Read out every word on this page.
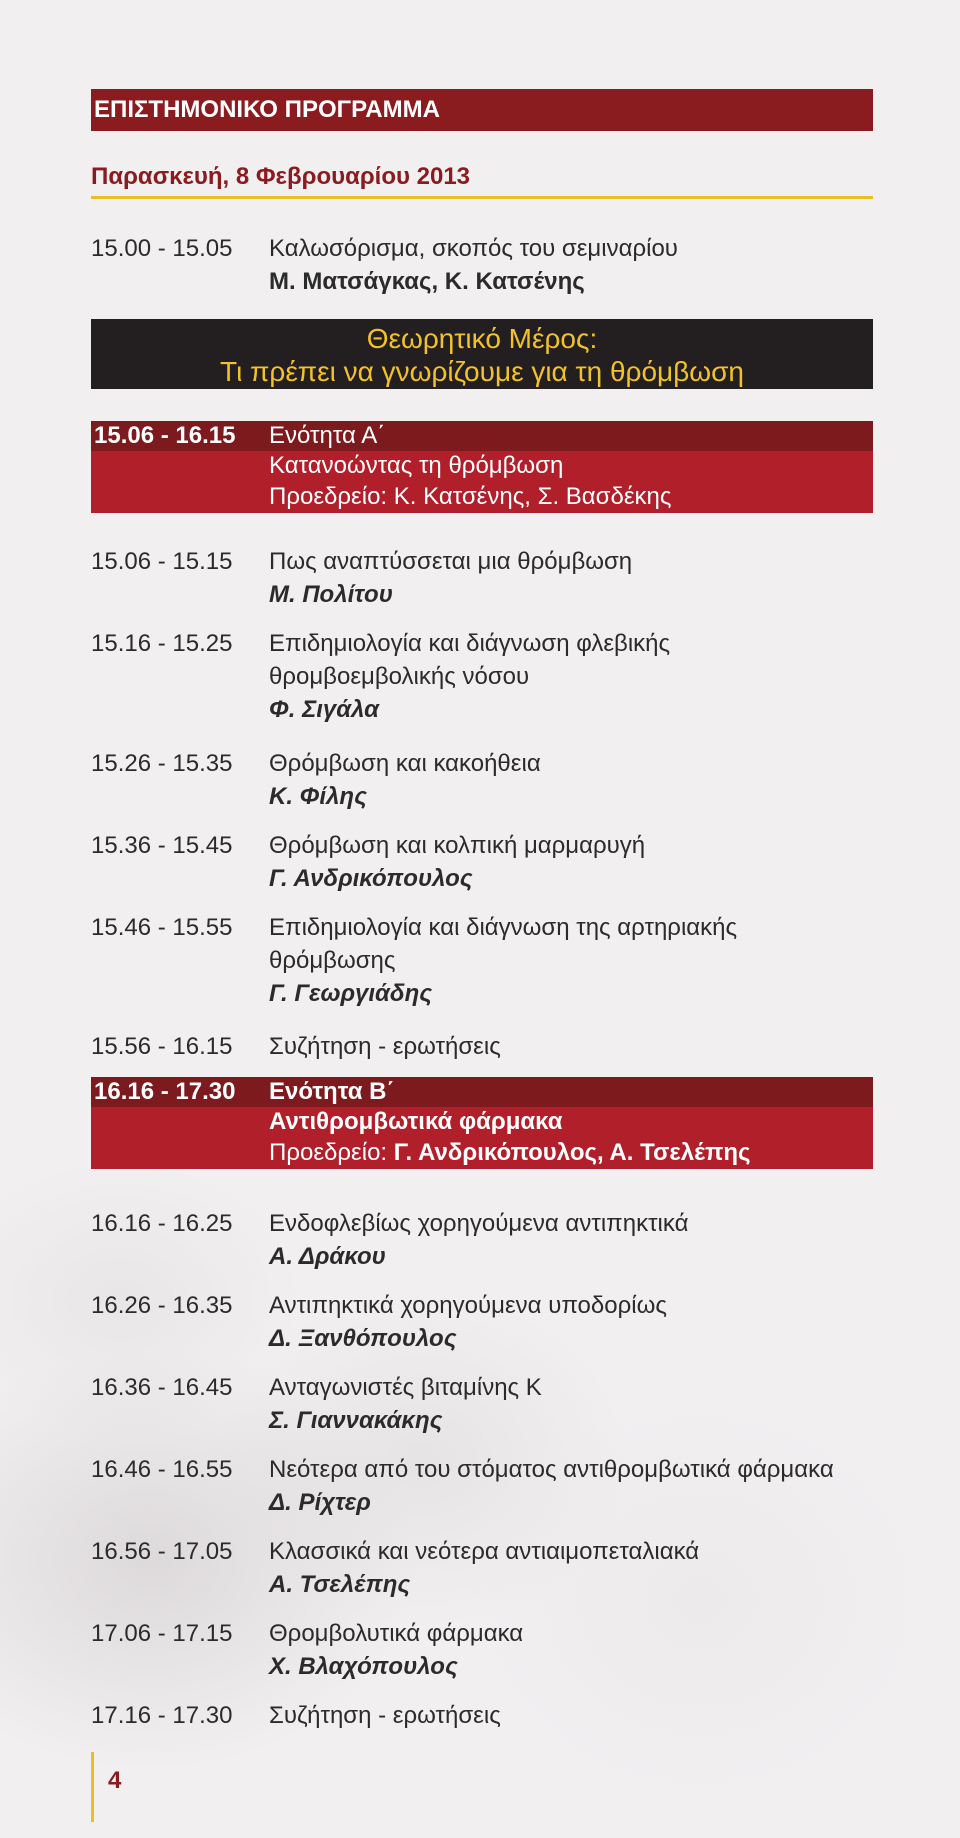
ΕΠΙΣΤΗΜΟΝΙΚΟ ΠΡΟΓΡΑΜΜΑ
Παρασκευή, 8 Φεβρουαρίου 2013
15.00 - 15.05	Καλωσόρισμα, σκοπός του σεμιναρίου
Μ. Ματσάγκας, Κ. Κατσένης
Θεωρητικό Μέρος:
Τι πρέπει να γνωρίζουμε για τη θρόμβωση
15.06 - 16.15 Ενότητα Α΄
Κατανοώντας τη θρόμβωση
Προεδρείο: Κ. Κατσένης, Σ. Βασδέκης
15.06 - 15.15	Πως αναπτύσσεται μια θρόμβωση
Μ. Πολίτου
15.16 - 15.25	Επιδημιολογία και διάγνωση φλεβικής
θρομβοεμβολικής νόσου
Φ. Σιγάλα
15.26 - 15.35	Θρόμβωση και κακοήθεια
Κ. Φίλης
15.36 - 15.45	Θρόμβωση και κολπική μαρμαρυγή
Γ. Ανδρικόπουλος
15.46 - 15.55	Επιδημιολογία και διάγνωση της αρτηριακής
θρόμβωσης
Γ. Γεωργιάδης
15.56 - 16.15	Συζήτηση - ερωτήσεις
16.16 - 17.30 Ενότητα Β΄
Αντιθρομβωτικά φάρμακα
Προεδρείο: Γ. Ανδρικόπουλος, Α. Τσελέπης
16.16 - 16.25	Ενδοφλεβίως χορηγούμενα αντιπηκτικά
Α. Δράκου
16.26 - 16.35	Αντιπηκτικά χορηγούμενα υποδορίως
Δ. Ξανθόπουλος
16.36 - 16.45	Ανταγωνιστές βιταμίνης Κ
Σ. Γιαννακάκης
16.46 - 16.55	Νεότερα από του στόματος αντιθρομβωτικά φάρμακα
Δ. Ρίχτερ
16.56 - 17.05	Κλασσικά και νεότερα αντιαιμοπεταλιακά
Α. Τσελέπης
17.06 - 17.15	Θρομβολυτικά φάρμακα
Χ. Βλαχόπουλος
17.16 - 17.30	Συζήτηση - ερωτήσεις
4
